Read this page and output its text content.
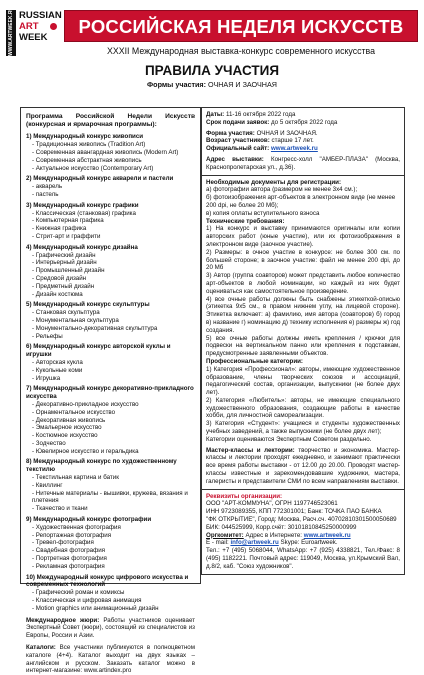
WWW.ARTWEEK.RU RUSSIAN
ART
WEEK
РОССИЙСКАЯ НЕДЕЛЯ ИСКУССТВ
XXXII Международная выставка-конкурс современного искусства
ПРАВИЛА УЧАСТИЯ
Формы участия: ОЧНАЯ И ЗАОЧНАЯ
Программа Российской Недели Искусств (конкурсная и ярмарочная программы):
1) Международный конкурс живописи
- Традиционная живопись (Tradition Art)
- Современная авангардная живопись (Modern Art)
- Современная абстрактная живопись
- Актуальное искусство (Contemporary Art)
2) Международный конкурс акварели и пастели
- акварель
- пастель
3) Международный конкурс графики
- Классическая (станковая) графика
- Компьютерная графика
- Книжная графика
- Стрит-арт и граффити
4) Международный конкурс дизайна
- Графический дизайн
- Интерьерный дизайн
- Промышленный дизайн
- Средовой дизайн
- Предметный дизайн
- Дизайн костюма
5) Международный конкурс скульптуры
- Станковая скульптура
- Монументальная скульптура
- Монументально-декоративная скульптура
- Рельефы
6) Международный конкурс авторской куклы и игрушки
- Авторская кукла
- Кукольные коми
- Игрушка
7) Международный конкурс декоративно-прикладного искусства
- Декоративно-прикладное искусство
- Орнаментальное искусство
- Декоративная живопись
- Эмальерное искусство
- Костюмное искусство
- Зодчество
- Ювелирное искусство и геральдика
8) Международный конкурс по художественному текстилю
- Текстильная картина и батик
- Квиллинг
- Нитечные материалы - вышивки, кружева, вязания и плетения
- Ткачество и ткани
9) Международный конкурс фотографии
- Художественная фотография
- Репортажная фотография
- Тревел-фотография
- Свадебная фотография
- Портретная фотография
- Рекламная фотография
10) Международный конкурс цифрового искусства и современных технологий
- Графический роман и комиксы
- Классическая и цифровая анимация
- Motion graphics или анимационный дизайн
Международное жюри: Работы участников оценивает Экспертный Совет (жюри), состоящий из специалистов из Европы, России и Азии.
Каталоги: Все участники публикуются в полноцветном каталоге (4+4). Каталог выходит на двух языках – английском и русском. Заказать каталог можно в интернет-магазине: www.artindex.pro
Даты: 11-16 октября 2022 года
Срок подачи заявок: до 5 октября 2022 года
Форма участия: ОЧНАЯ И ЗАОЧНАЯ.
Возраст участников: старше 17 лет.
Официальный сайт: www.artweek.ru
Адрес выставки: Конгресс-холл "АМБЕР-ПЛАЗА" (Москва, Краснопролетарская ул., д.36).
Необходимые документы для регистрации:
а) фотографии автора (размером не менее 3х4 см.);
б) фотоизображения арт-объектов в электронном виде (не менее 200 dpi, не более 20 Мб);
в) копия оплаты вступительного взноса
Технические требования:
1) На конкурс и выставку принимаются оригиналы или копии авторских работ (юные участие), или их фотоизображения в электронном виде (заочное участие).
2) Размеры: в очное участие в конкурсе: не более 300 см. по большей стороне; в заочное участие: файл не менее 200 dpi, до 20 Мб
3) Автор (группа соавторов) может представить любое количество арт-объектов в любой номинации, но каждый из них будет оцениваться как самостоятельное произведение.
4) все очные работы должны быть снабжены этикеткой-описью (этикетка 9х5 см., в правом нижнем углу, на лицевой стороне). Этикетка включает: а) фамилию, имя автора (соавторов) б) город в) название г) номинацию д) технику исполнения е) размеры ж) год создания.
5) все очные работы должны иметь крепления / крючки для подвески на вертикальном панно или крепления к подставкам, предусмотренные заявленными объектов.
Профессиональные категории:
1) Категория «Профессионал»: авторы, имеющие художественное образование, члены творческих союзов и ассоциаций, педагогический состав, организации, выпускники (не более двух лет).
2) Категория «Любитель»: авторы, не имеющие специального художественного образования, создающие работы в качестве хобби, для личностной самореализации.
3) Категория «Студент»: учащиеся и студенты художественных учебных заведений, а также выпускники (не более двух лет);
Категории оцениваются Экспертным Советом раздельно.
Мастер-классы и лектории: творчество и экономика. Мастер-классы и лектории проходят ежедневно, и занимают практически все время работы выставки - от 12.00 до 20.00. Проводят мастер-классы известные и зарекомендовавшие художники, мастера, галеристы и представители СМИ по всем направлениям выставки.
Реквизиты организации:
ООО "АРТ-КОММУНА", ОГРН 1197746523061
ИНН 9723089355, КПП 772301001; Банк: ТОЧКА ПАО БАНКА
"ФК ОТКРЫТИЕ", Город: Москва, Расч.сч. 40702810301500050689
БИК: 044525999, Корр.счёт: 30101810845250000999
Оргкомитет: Адрес в Интернете: www.artweek.ru
E - mail: info@artweek.ru Skype: Euroartweek.
Тел.: +7 (495) 5068044, WhatsApp: +7 (925) 4338821, Тел./Факс: 8 (495) 1182221. Почтовый адрес: 119049, Москва, ул.Крымский Вал, д.8/2, каб. "Союз художников".
